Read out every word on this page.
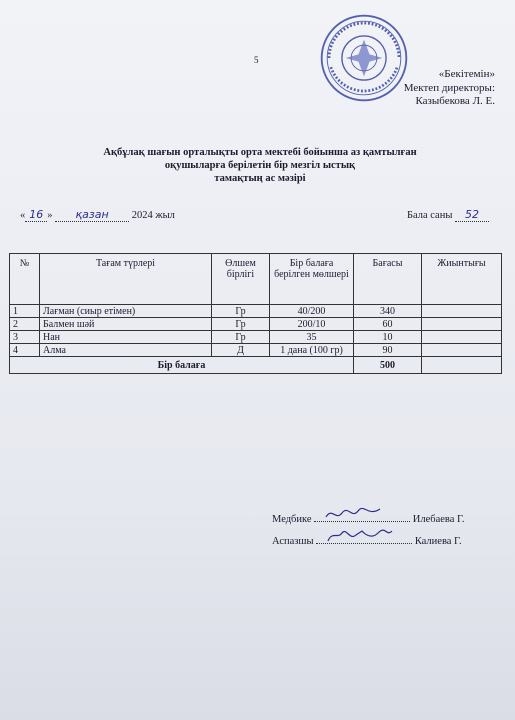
5
«Бекітемін»
Мектеп директоры:
Казыбекова Л. Е.
Ақбұлақ шағын орталықты орта мектебі бойынша аз қамтылған
оқушыларға берілетін бір мезгіл ыстық
тамақтың ас мәзірі
« 16 » қазан 2024 жыл	Бала саны 52
№	Тағам түрлері	Өлшем бірлігі	Бір балаға берілген мөлшері	Бағасы	Жиынтығы
1	Лағман (сиыр етімен)	Гр	40/200	340	
2	Балмен шәй	Гр	200/10	60	
3	Нан	Гр	35	10	
4	Алма	Д	1 дана (100 гр)	90	
Бір балаға				500	
Медбике	Илебаева Г.
Аспазшы	Калиева Г.
